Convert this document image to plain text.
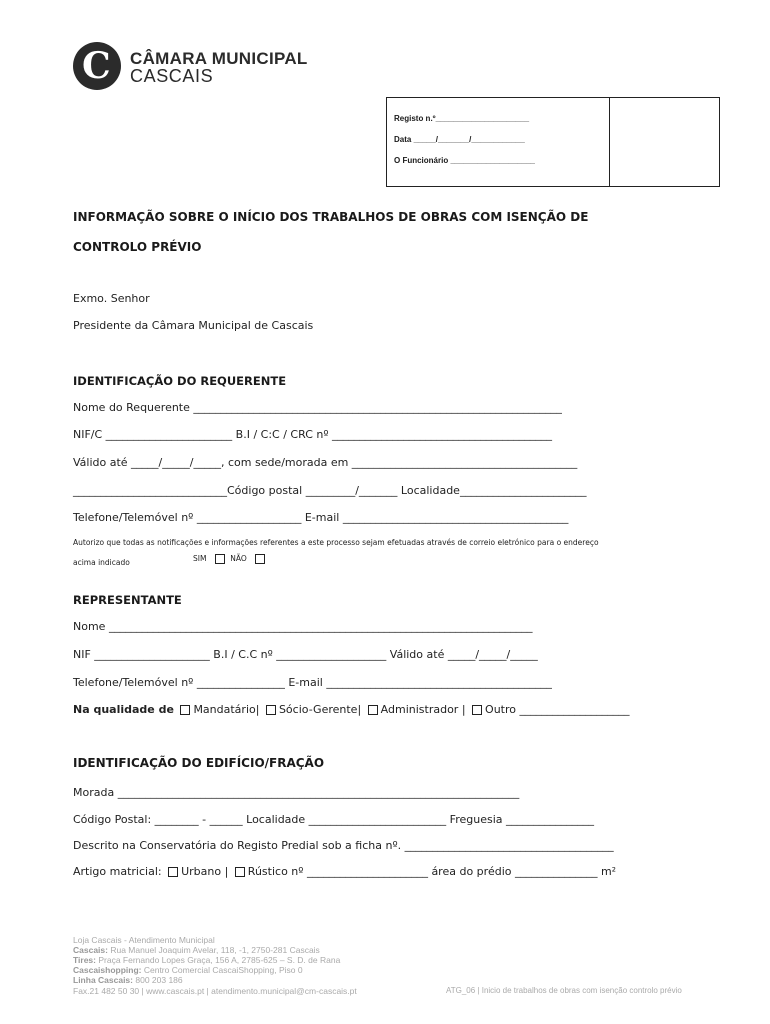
C CÂMARA MUNICIPAL
CASCAIS
Registo n.º_____________________
Data _____/_______/____________
O Funcionário ___________________
INFORMAÇÃO SOBRE O INÍCIO DOS TRABALHOS DE OBRAS COM ISENÇÃO DE
CONTROLO PRÉVIO
Exmo. Senhor
Presidente da Câmara Municipal de Cascais
IDENTIFICAÇÃO DO REQUERENTE
Nome do Requerente ___________________________________________________________________
NIF/C _______________________ B.I / C:C / CRC nº ________________________________________
Válido até _____/_____/_____, com sede/morada em _________________________________________
____________________________Código postal _________/_______ Localidade_______________________
Telefone/Telemóvel nº ___________________ E-mail _________________________________________
Autorizo que todas as notificações e informações referentes a este processo sejam efetuadas através de correio eletrónico para o endereço
acima indicado	SIM	NÃO
REPRESENTANTE
Nome _____________________________________________________________________________
NIF _____________________ B.I / C.C nº ____________________ Válido até _____/_____/_____
Telefone/Telemóvel nº ________________ E-mail _________________________________________
Na qualidade de Mandatário| Sócio-Gerente| Administrador | Outro ____________________
IDENTIFICAÇÃO DO EDIFÍCIO/FRAÇÃO
Morada _________________________________________________________________________
Código Postal: ________ - ______ Localidade _________________________ Freguesia ________________
Descrito na Conservatória do Registo Predial sob a ficha nº. ______________________________________
Artigo matricial: Urbano | Rústico nº ______________________ área do prédio _______________ m²
Loja Cascais - Atendimento Municipal
Cascais: Rua Manuel Joaquim Avelar, 118, -1, 2750-281 Cascais
Tires: Praça Fernando Lopes Graça, 156 A, 2785-625 – S. D. de Rana
Cascaishopping: Centro Comercial CascaiShopping, Piso 0
Linha Cascais: 800 203 186
Fax.21 482 50 30 | www.cascais.pt | atendimento.municipal@cm-cascais.pt	ATG_06 | Inicio de trabalhos de obras com isenção controlo prévio
